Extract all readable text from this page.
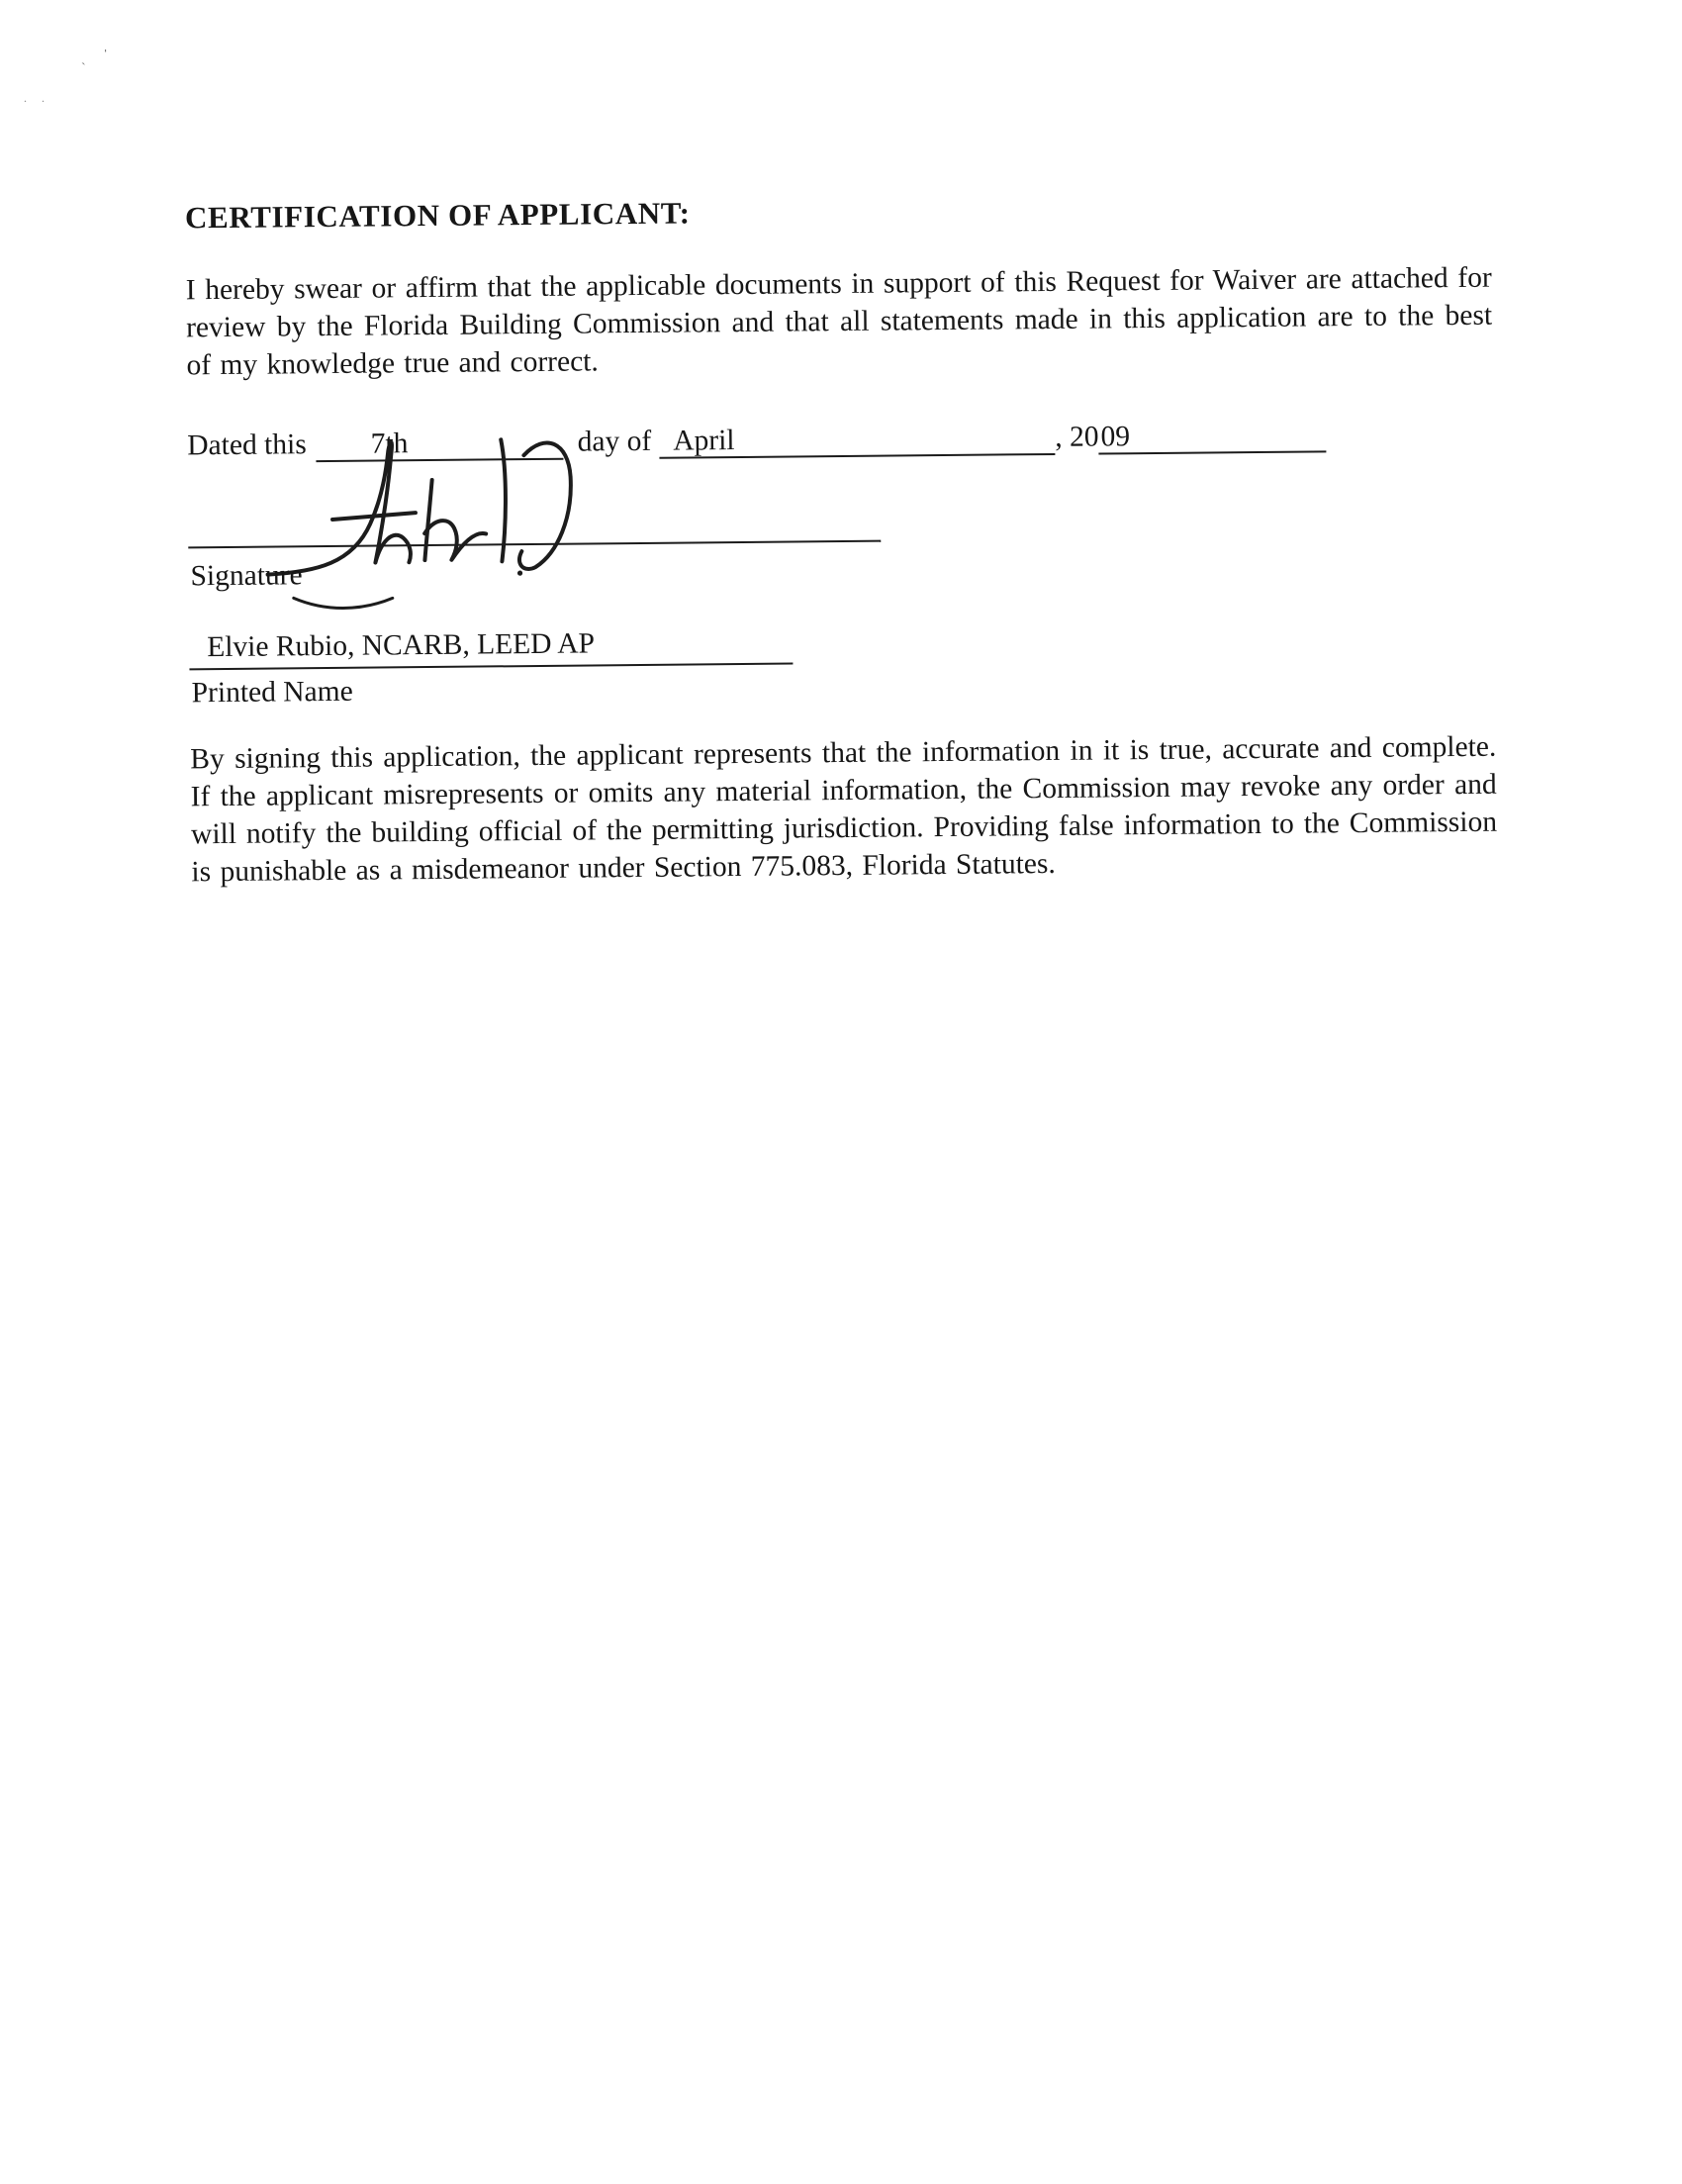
ˈ
ˋ
. .
CERTIFICATION OF APPLICANT:
I hereby swear or affirm that the applicable documents in support of this Request for Waiver are attached for review by the Florida Building Commission and that all statements made in this application are to the best of my knowledge true and correct.
Dated this 7th	day of April	, 2009
Signature
Elvie Rubio, NCARB, LEED AP
Printed Name
By signing this application, the applicant represents that the information in it is true, accurate and complete. If the applicant misrepresents or omits any material information, the Commission may revoke any order and will notify the building official of the permitting jurisdiction. Providing false information to the Commission is punishable as a misdemeanor under Section 775.083, Florida Statutes.
